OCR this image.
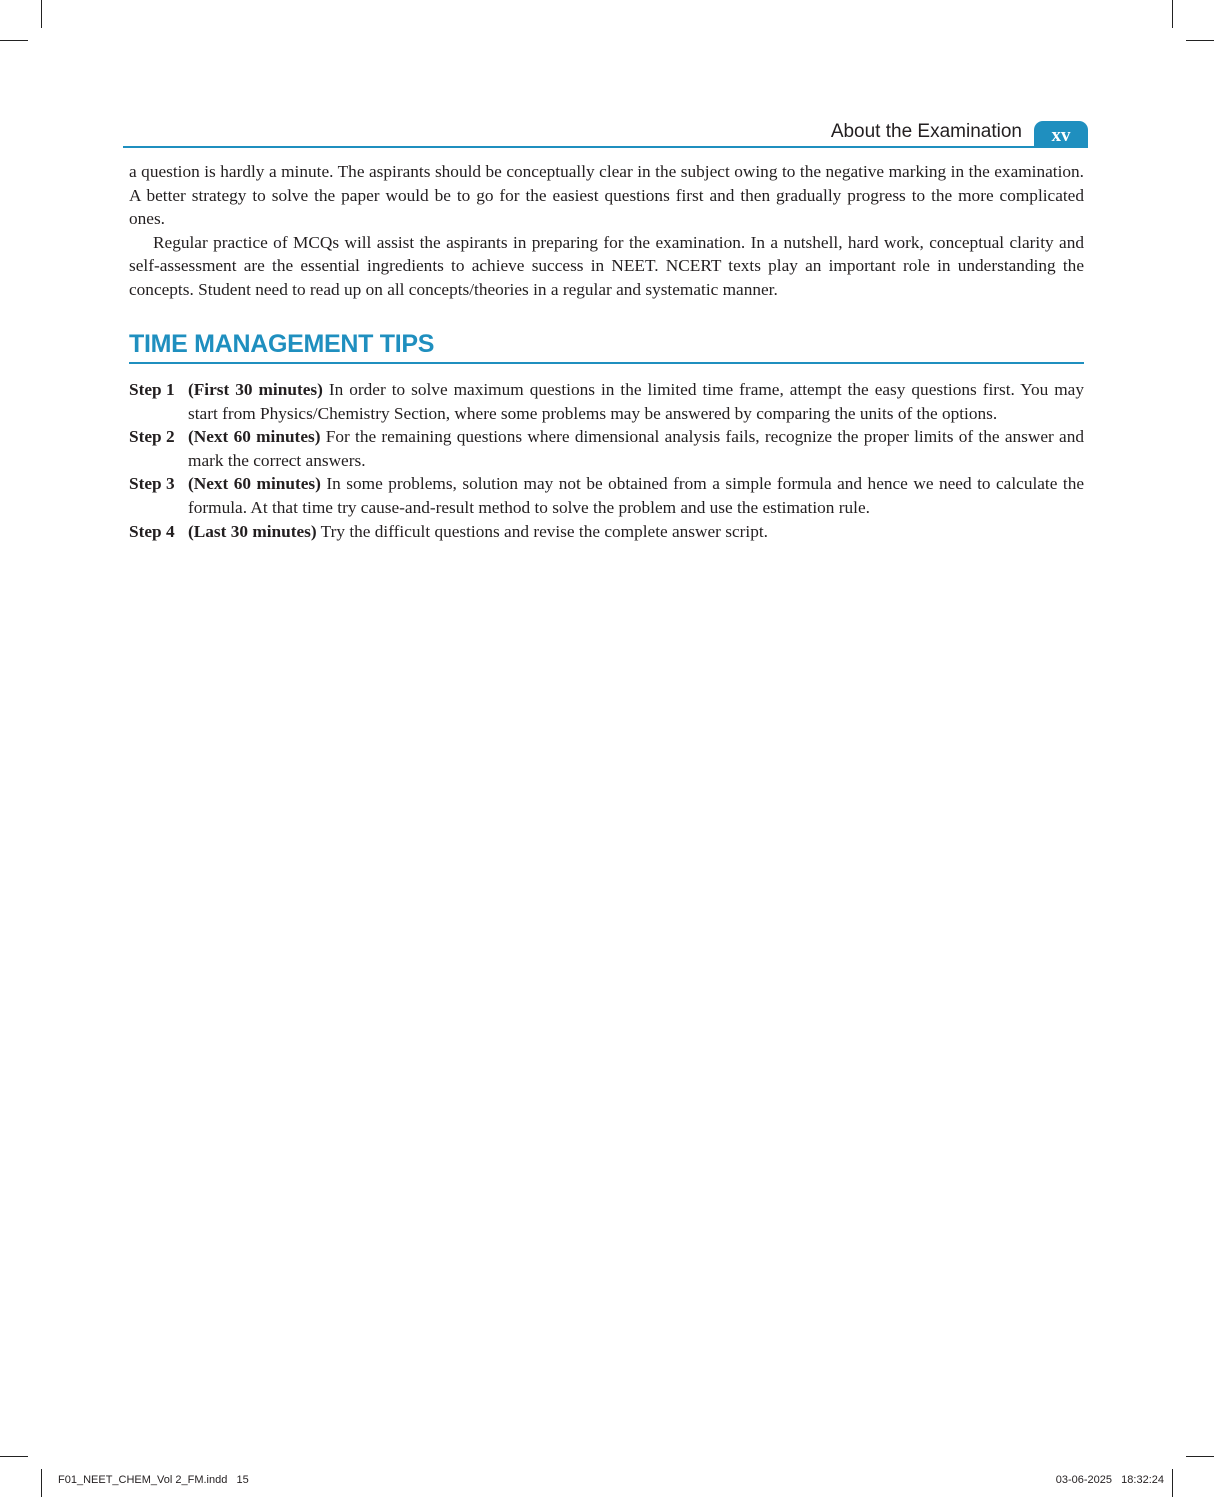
About the Examination	xv

a question is hardly a minute. The aspirants should be conceptually clear in the subject owing to the negative marking in the examination. A better strategy to solve the paper would be to go for the easiest questions first and then gradually progress to the more complicated ones.

Regular practice of MCQs will assist the aspirants in preparing for the examination. In a nutshell, hard work, conceptual clarity and self-assessment are the essential ingredients to achieve success in NEET. NCERT texts play an important role in understanding the concepts. Student need to read up on all concepts/theories in a regular and systematic manner.

TIME MANAGEMENT TIPS
Step 1 (First 30 minutes) In order to solve maximum questions in the limited time frame, attempt the easy questions first. You may start from Physics/Chemistry Section, where some problems may be answered by comparing the units of the options.
Step 2 (Next 60 minutes) For the remaining questions where dimensional analysis fails, recognize the proper limits of the answer and mark the correct answers.
Step 3 (Next 60 minutes) In some problems, solution may not be obtained from a simple formula and hence we need to calculate the formula. At that time try cause-and-result method to solve the problem and use the estimation rule.
Step 4 (Last 30 minutes) Try the difficult questions and revise the complete answer script.
F01_NEET_CHEM_Vol 2_FM.indd   15	03-06-2025   18:32:24
